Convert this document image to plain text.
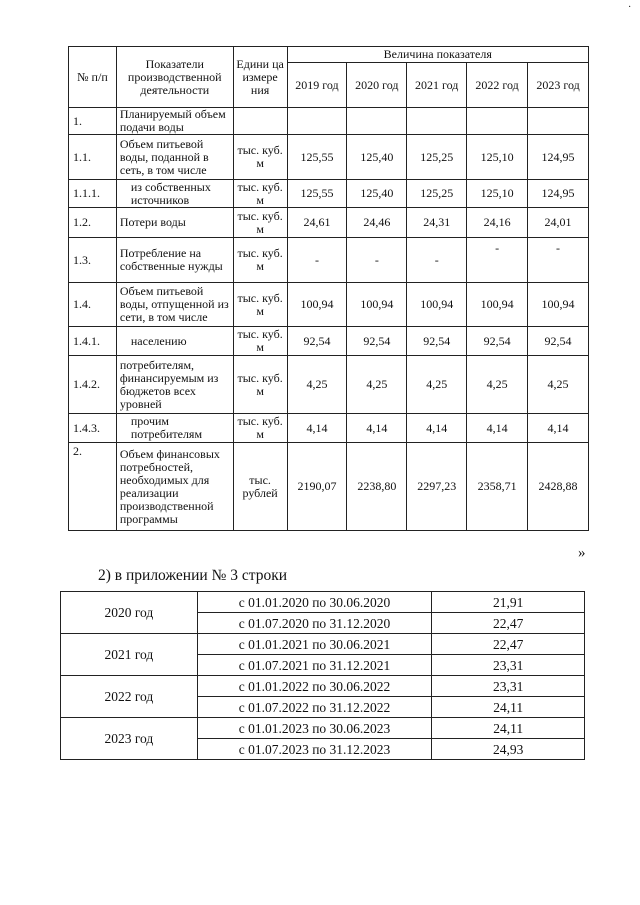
·
№ п/п	Показатели производственной деятельности	Едини ца измере ния	Величина показателя				
			2019 год	2020 год	2021 год	2022 год	2023 год
1.	Планируемый объем подачи воды						
1.1.	Объем питьевой воды, поданной в сеть, в том числе	тыс. куб. м	125,55	125,40	125,25	125,10	124,95
1.1.1.	из собственных источников	тыс. куб. м	125,55	125,40	125,25	125,10	124,95
1.2.	Потери воды	тыс. куб. м	24,61	24,46	24,31	24,16	24,01
1.3.	Потребление на собственные нужды	тыс. куб. м	-	-	-	-	-
1.4.	Объем питьевой воды, отпущенной из сети, в том числе	тыс. куб. м	100,94	100,94	100,94	100,94	100,94
1.4.1.	населению	тыс. куб. м	92,54	92,54	92,54	92,54	92,54
1.4.2.	потребителям, финансируемым из бюджетов всех уровней	тыс. куб. м	4,25	4,25	4,25	4,25	4,25
1.4.3.	прочим потребителям	тыс. куб. м	4,14	4,14	4,14	4,14	4,14
2.	Объем финансовых потребностей, необходимых для реализации производственной программы	тыс. рублей	2190,07	2238,80	2297,23	2358,71	2428,88
»
2) в приложении № 3 строки
2020 год	с 01.01.2020 по 30.06.2020	21,91
	с 01.07.2020 по 31.12.2020	22,47
2021 год	с 01.01.2021 по 30.06.2021	22,47
	с 01.07.2021 по 31.12.2021	23,31
2022 год	с 01.01.2022 по 30.06.2022	23,31
	с 01.07.2022 по 31.12.2022	24,11
2023 год	с 01.01.2023 по 30.06.2023	24,11
	с 01.07.2023 по 31.12.2023	24,93
